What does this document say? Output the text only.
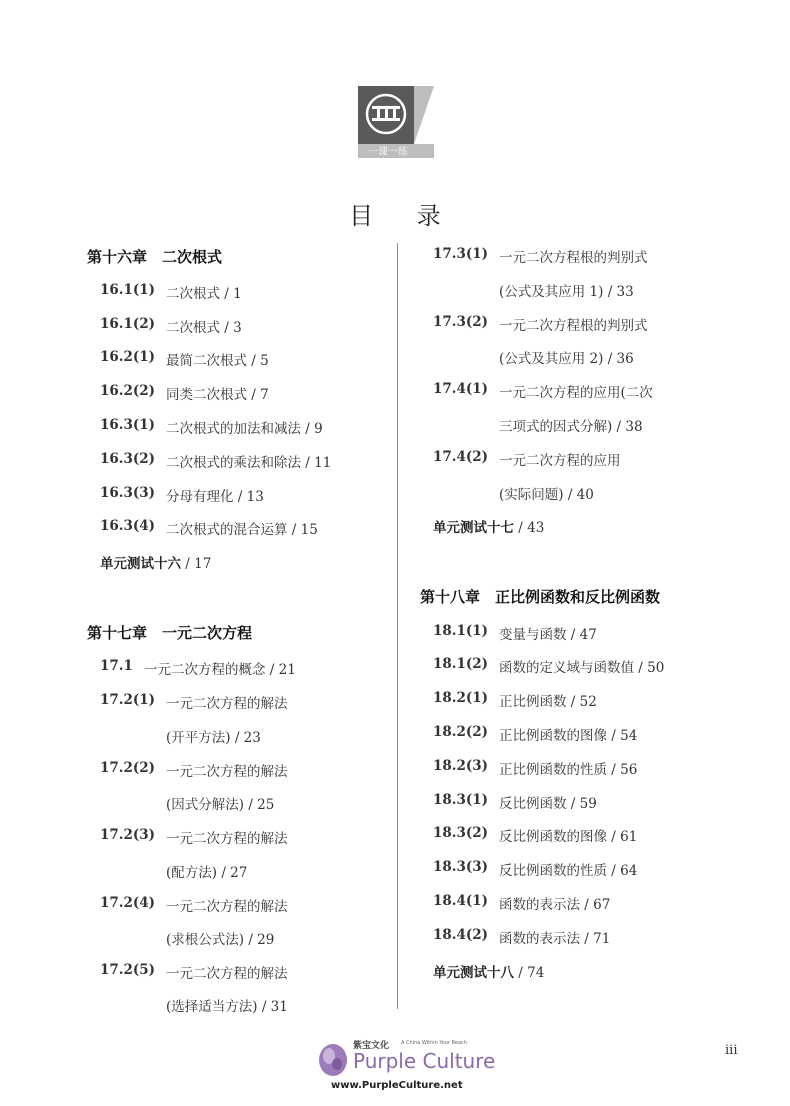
一课一练
目 录
第十六章　二次根式
16.1(1) 二次根式 / 1
16.1(2) 二次根式 / 3
16.2(1) 最简二次根式 / 5
16.2(2) 同类二次根式 / 7
16.3(1) 二次根式的加法和减法 / 9
16.3(2) 二次根式的乘法和除法 / 11
16.3(3) 分母有理化 / 13
16.3(4) 二次根式的混合运算 / 15
单元测试十六 / 17
第十七章　一元二次方程
17.1 一元二次方程的概念 / 21
17.2(1) 一元二次方程的解法
(开平方法) / 23
17.2(2) 一元二次方程的解法
(因式分解法) / 25
17.2(3) 一元二次方程的解法
(配方法) / 27
17.2(4) 一元二次方程的解法
(求根公式法) / 29
17.2(5) 一元二次方程的解法
(选择适当方法) / 31
17.3(1) 一元二次方程根的判别式
(公式及其应用 1) / 33
17.3(2) 一元二次方程根的判别式
(公式及其应用 2) / 36
17.4(1) 一元二次方程的应用(二次
三项式的因式分解) / 38
17.4(2) 一元二次方程的应用
(实际问题) / 40
单元测试十七 / 43
第十八章　正比例函数和反比例函数
18.1(1) 变量与函数 / 47
18.1(2) 函数的定义域与函数值 / 50
18.2(1) 正比例函数 / 52
18.2(2) 正比例函数的图像 / 54
18.2(3) 正比例函数的性质 / 56
18.3(1) 反比例函数 / 59
18.3(2) 反比例函数的图像 / 61
18.3(3) 反比例函数的性质 / 64
18.4(1) 函数的表示法 / 67
18.4(2) 函数的表示法 / 71
单元测试十八 / 74
iii
紫宝文化 A China Within Your Reach
Purple Culture
www.PurpleCulture.net
